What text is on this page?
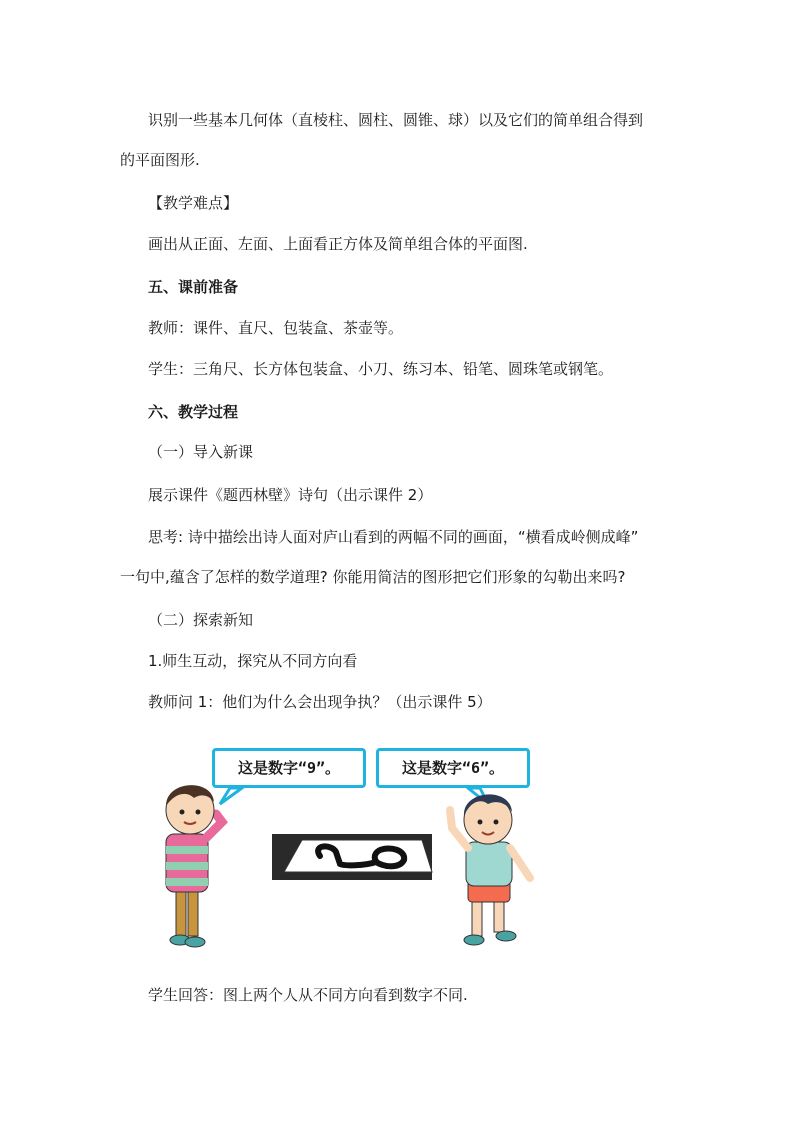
识别一些基本几何体（直棱柱、圆柱、圆锥、球）以及它们的简单组合得到
的平面图形.
【教学难点】
画出从正面、左面、上面看正方体及简单组合体的平面图.
五、课前准备
教师：课件、直尺、包装盒、茶壶等。
学生：三角尺、长方体包装盒、小刀、练习本、铅笔、圆珠笔或钢笔。
六、教学过程
（一）导入新课
展示课件《题西林壁》诗句（出示课件 2）
思考: 诗中描绘出诗人面对庐山看到的两幅不同的画面，“横看成岭侧成峰”
一句中,蕴含了怎样的数学道理? 你能用简洁的图形把它们形象的勾勒出来吗?
（二）探索新知
1.师生互动，探究从不同方向看
教师问 1：他们为什么会出现争执？（出示课件 5）
这是数字“9”。	这是数字“6”。
学生回答：图上两个人从不同方向看到数字不同.
